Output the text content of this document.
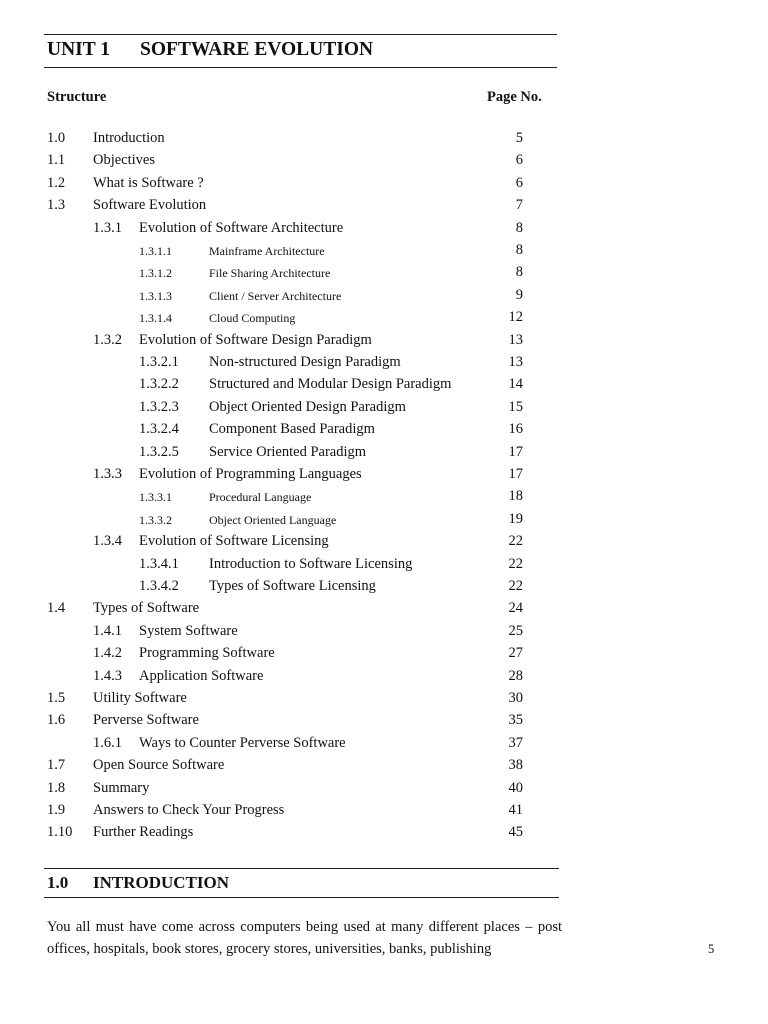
UNIT 1 SOFTWARE EVOLUTION
Structure	Page No.
1.0 Introduction	5
1.1 Objectives	6
1.2 What is Software ?	6
1.3 Software Evolution	7
1.3.1 Evolution of Software Architecture	8
1.3.1.1	Mainframe Architecture	8
1.3.1.2	File Sharing Architecture	8
1.3.1.3	Client / Server Architecture	9
1.3.1.4	Cloud Computing	12
1.3.2 Evolution of Software Design Paradigm	13
1.3.2.1 Non-structured Design Paradigm	13
1.3.2.2 Structured and Modular Design Paradigm	14
1.3.2.3 Object Oriented Design Paradigm	15
1.3.2.4 Component Based Paradigm	16
1.3.2.5 Service Oriented Paradigm	17
1.3.3 Evolution of Programming Languages	17
1.3.3.1	Procedural Language	18
1.3.3.2	Object Oriented Language	19
1.3.4 Evolution of Software Licensing	22
1.3.4.1 Introduction to Software Licensing	22
1.3.4.2 Types of Software Licensing	22
1.4 Types of Software	24
1.4.1 System Software	25
1.4.2 Programming Software	27
1.4.3 Application Software	28
1.5 Utility Software	30
1.6 Perverse Software	35
1.6.1 Ways to Counter Perverse Software	37
1.7 Open Source Software	38
1.8 Summary	40
1.9 Answers to Check Your Progress	41
1.10 Further Readings	45
1.0 INTRODUCTION

You all must have come across computers being used at many different places – post offices, hospitals, book stores, grocery stores, universities, banks, publishing	5
